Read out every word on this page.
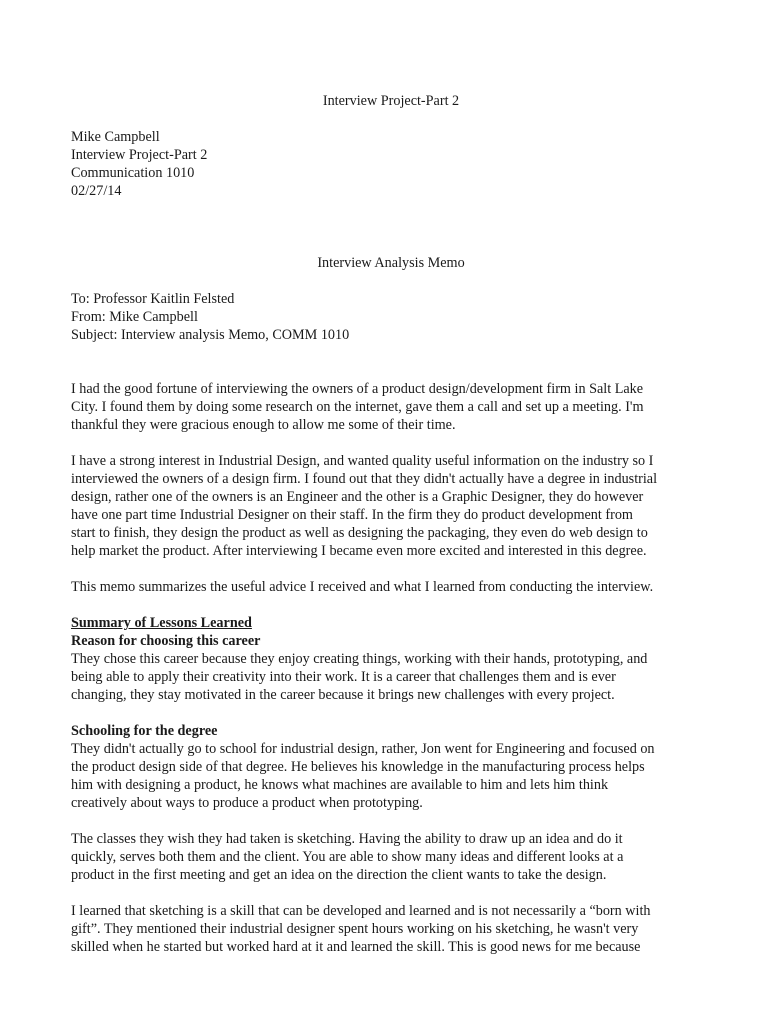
Interview Project-Part 2
Mike Campbell
Interview Project-Part 2
Communication 1010
02/27/14
Interview Analysis Memo
To: Professor Kaitlin Felsted
From: Mike Campbell
Subject: Interview analysis Memo, COMM 1010
I had the good fortune of interviewing the owners of a product design/development firm in Salt Lake
City. I found them by doing some research on the internet, gave them a call and set up a meeting. I'm
thankful they were gracious enough to allow me some of their time.
I have a strong interest in Industrial Design, and wanted quality useful information on the industry so I
interviewed the owners of a design firm. I found out that they didn't actually have a degree in industrial
design, rather one of the owners is an Engineer and the other is a Graphic Designer, they do however
have one part time Industrial Designer on their staff. In the firm they do product development from
start to finish, they design the product as well as designing the packaging, they even do web design to
help market the product. After interviewing I became even more excited and interested in this degree.
This memo summarizes the useful advice I received and what I learned from conducting the interview.
Summary of Lessons Learned
Reason for choosing this career
They chose this career because they enjoy creating things, working with their hands, prototyping, and
being able to apply their creativity into their work. It is a career that challenges them and is ever
changing, they stay motivated in the career because it brings new challenges with every project.
Schooling for the degree
They didn't actually go to school for industrial design, rather, Jon went for Engineering and focused on
the product design side of that degree. He believes his knowledge in the manufacturing process helps
him with designing a product, he knows what machines are available to him and lets him think
creatively about ways to produce a product when prototyping.
The classes they wish they had taken is sketching. Having the ability to draw up an idea and do it
quickly, serves both them and the client. You are able to show many ideas and different looks at a
product in the first meeting and get an idea on the direction the client wants to take the design.
I learned that sketching is a skill that can be developed and learned and is not necessarily a “born with
gift”. They mentioned their industrial designer spent hours working on his sketching, he wasn't very
skilled when he started but worked hard at it and learned the skill. This is good news for me because
